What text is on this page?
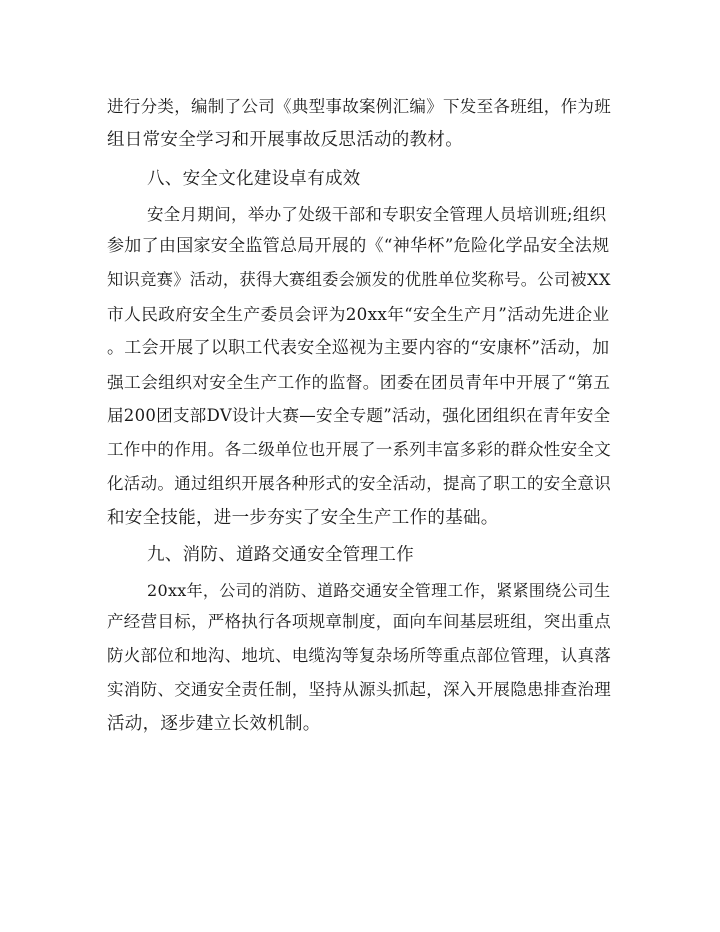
进行分类，编制了公司《典型事故案例汇编》下发至各班组，作为班
组日常安全学习和开展事故反思活动的教材。
八、安全文化建设卓有成效
安全月期间，举办了处级干部和专职安全管理人员培训班;组织
参加了由国家安全监管总局开展的《“神华杯”危险化学品安全法规
知识竞赛》活动，获得大赛组委会颁发的优胜单位奖称号。公司被XX
市人民政府安全生产委员会评为20xx年“安全生产月”活动先进企业
。工会开展了以职工代表安全巡视为主要内容的“安康杯”活动，加
强工会组织对安全生产工作的监督。团委在团员青年中开展了“第五
届200团支部DV设计大赛—安全专题”活动，强化团组织在青年安全
工作中的作用。各二级单位也开展了一系列丰富多彩的群众性安全文
化活动。通过组织开展各种形式的安全活动，提高了职工的安全意识
和安全技能，进一步夯实了安全生产工作的基础。
九、消防、道路交通安全管理工作
20xx年，公司的消防、道路交通安全管理工作，紧紧围绕公司生
产经营目标，严格执行各项规章制度，面向车间基层班组，突出重点
防火部位和地沟、地坑、电缆沟等复杂场所等重点部位管理，认真落
实消防、交通安全责任制，坚持从源头抓起，深入开展隐患排查治理
活动，逐步建立长效机制。
